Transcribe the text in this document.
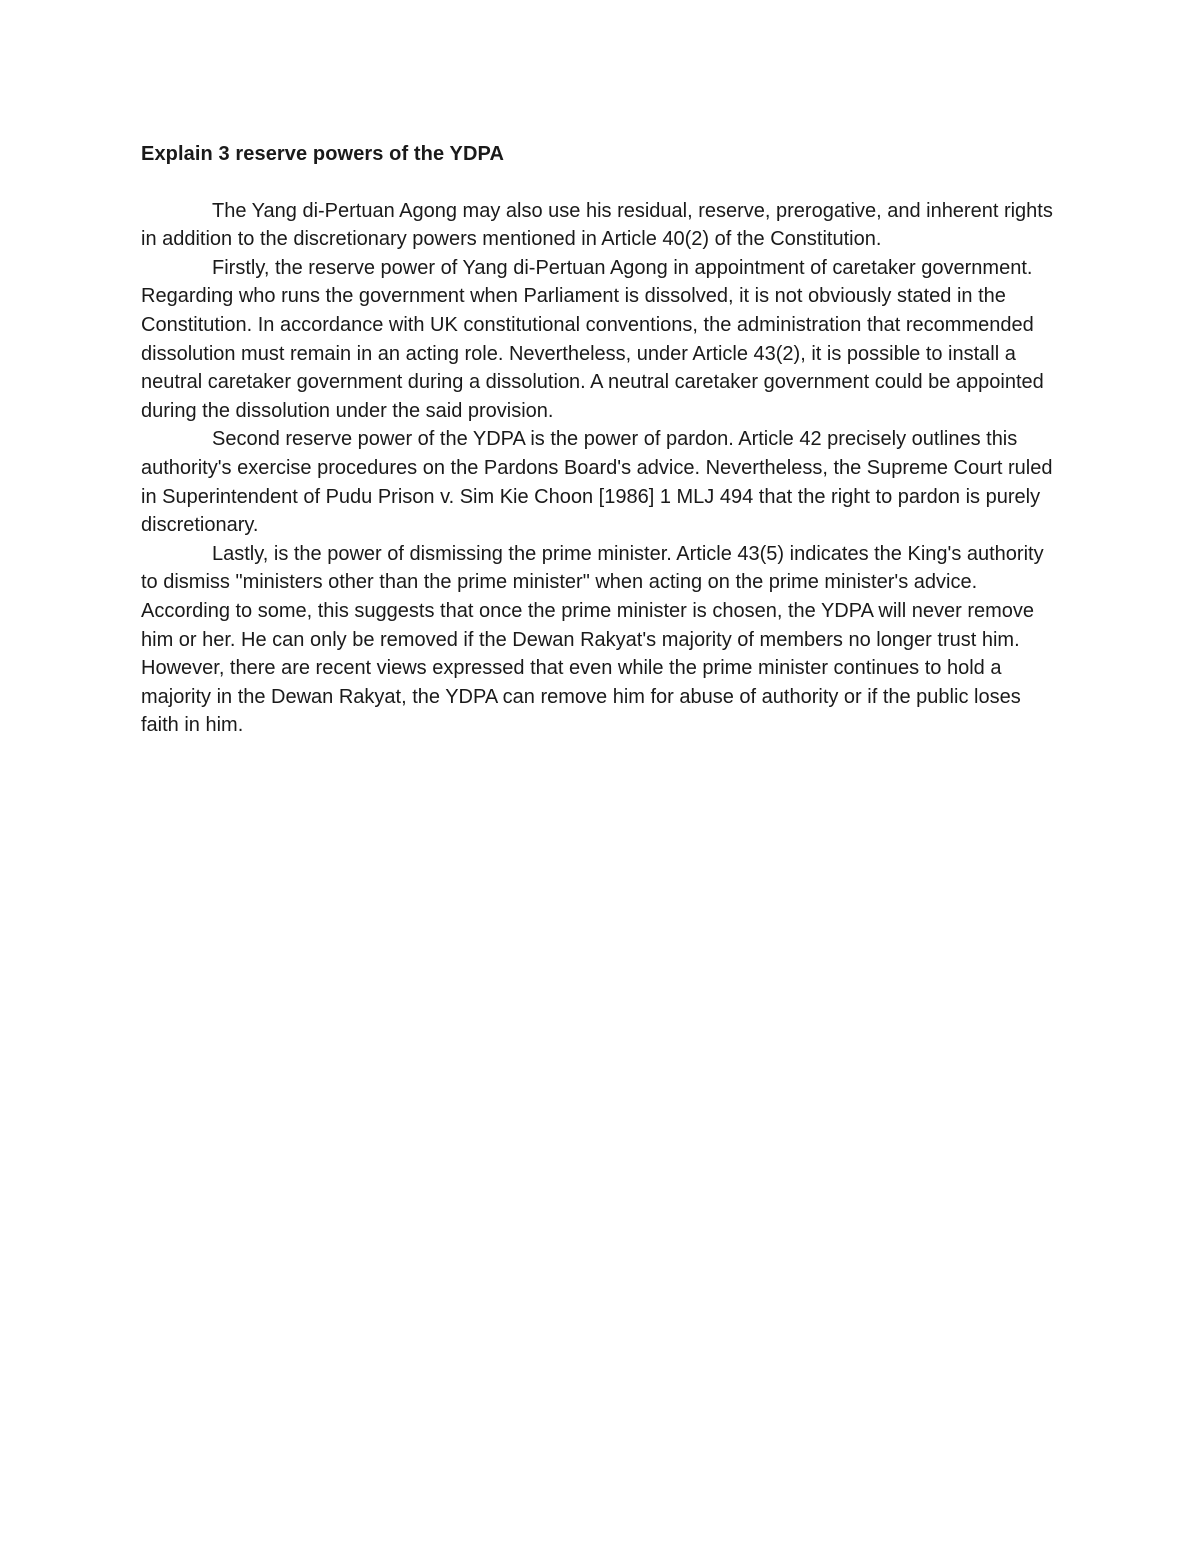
Explain 3 reserve powers of the YDPA

The Yang di-Pertuan Agong may also use his residual, reserve, prerogative, and inherent rights in addition to the discretionary powers mentioned in Article 40(2) of the Constitution.

Firstly, the reserve power of Yang di-Pertuan Agong in appointment of caretaker government. Regarding who runs the government when Parliament is dissolved, it is not obviously stated in the Constitution. In accordance with UK constitutional conventions, the administration that recommended dissolution must remain in an acting role. Nevertheless, under Article 43(2), it is possible to install a neutral caretaker government during a dissolution. A neutral caretaker government could be appointed during the dissolution under the said provision.

Second reserve power of the YDPA is the power of pardon. Article 42 precisely outlines this authority's exercise procedures on the Pardons Board's advice. Nevertheless, the Supreme Court ruled in Superintendent of Pudu Prison v. Sim Kie Choon [1986] 1 MLJ 494 that the right to pardon is purely discretionary.

Lastly, is the power of dismissing the prime minister. Article 43(5) indicates the King's authority to dismiss "ministers other than the prime minister" when acting on the prime minister's advice. According to some, this suggests that once the prime minister is chosen, the YDPA will never remove him or her. He can only be removed if the Dewan Rakyat's majority of members no longer trust him. However, there are recent views expressed that even while the prime minister continues to hold a majority in the Dewan Rakyat, the YDPA can remove him for abuse of authority or if the public loses faith in him.
